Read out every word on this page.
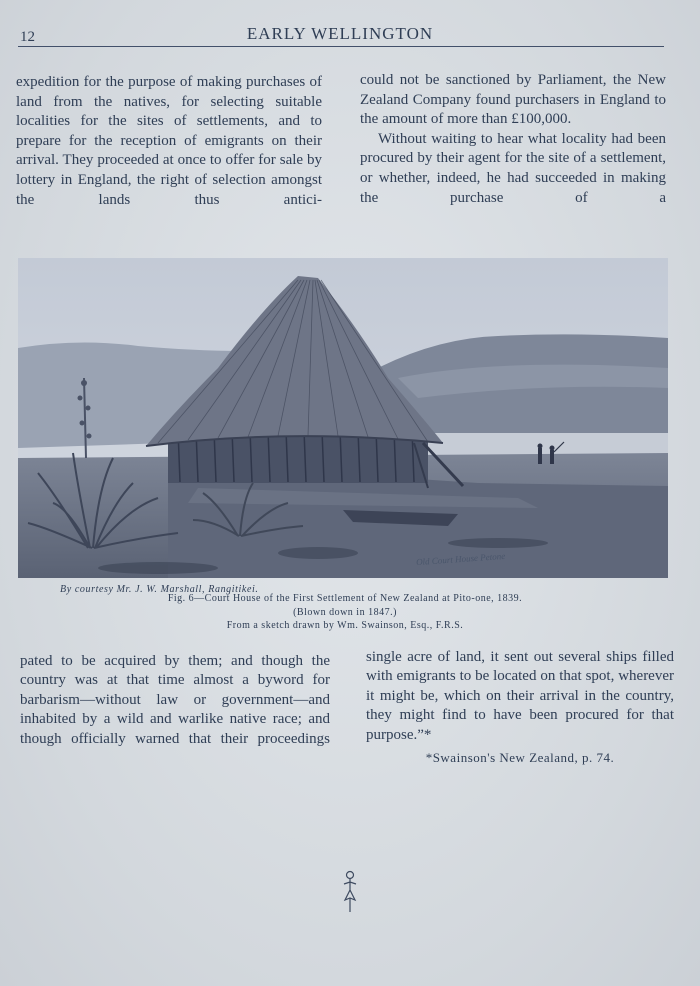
12	EARLY WELLINGTON

expedition for the purpose of making purchases of land from the natives, for selecting suitable localities for the sites of settlements, and to prepare for the reception of emigrants on their arrival. They proceeded at once to offer for sale by lottery in England, the right of selection amongst the lands thus antici-

could not be sanctioned by Parliament, the New Zealand Company found purchasers in England to the amount of more than £100,000.

Without waiting to hear what locality had been procured by their agent for the site of a settlement, or whether, indeed, he had succeeded in making the purchase of a

Old Court House Petone
By courtesy Mr. J. W. Marshall, Rangitikei.
Fig. 6—Court House of the First Settlement of New Zealand at Pito-one, 1839.
(Blown down in 1847.)
From a sketch drawn by Wm. Swainson, Esq., F.R.S.

pated to be acquired by them; and though the country was at that time almost a byword for barbarism—without law or government—and inhabited by a wild and warlike native race; and though officially warned that their proceedings

single acre of land, it sent out several ships filled with emigrants to be located on that spot, wherever it might be, which on their arrival in the country, they might find to have been procured for that purpose.”*

*Swainson's New Zealand, p. 74.
